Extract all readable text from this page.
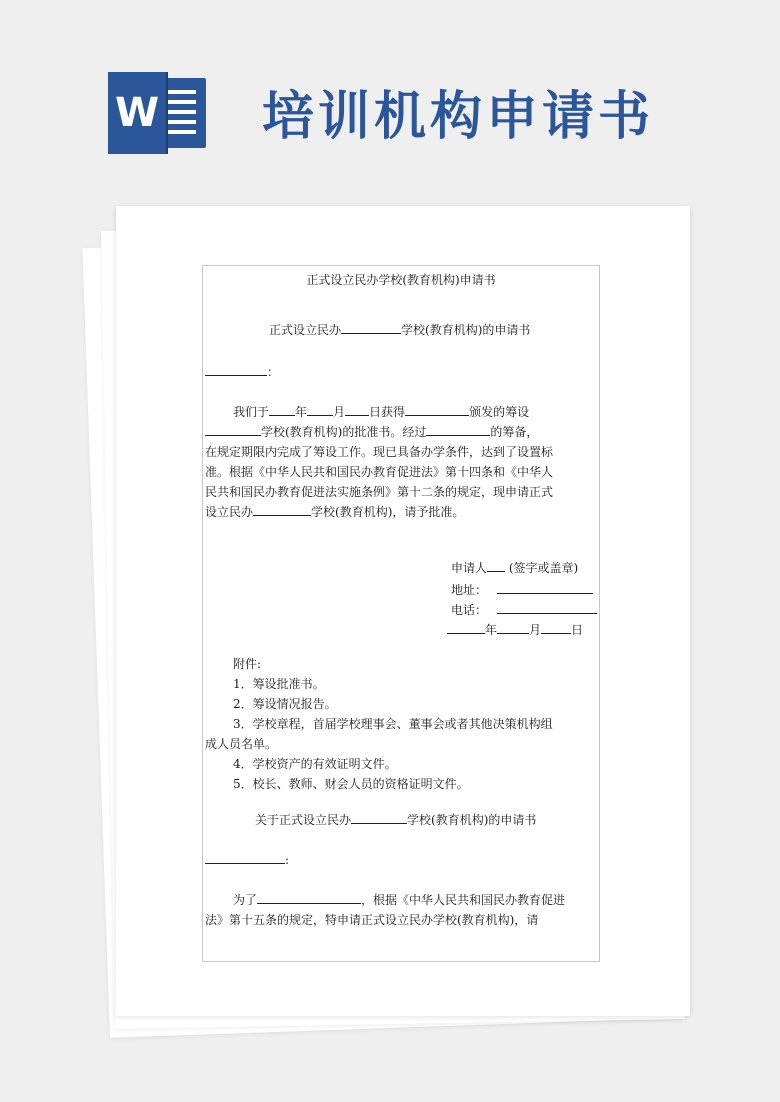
W 培训机构申请书
正式设立民办学校(教育机构)申请书
正式设立民办	学校(教育机构)的申请书
：
我们于 年 月 日获得	颁发的筹设
学校(教育机构)的批准书。经过	的筹备，
在规定期限内完成了筹设工作。现已具备办学条件，达到了设置标
准。根据《中华人民共和国民办教育促进法》第十四条和《中华人
民共和国民办教育促进法实施条例》第十二条的规定，现申请正式
设立民办	学校(教育机构)，请予批准。
申请人 (签字或盖章)
地址：
电话：
年	月	日
附件:
1．筹设批准书。
2．筹设情况报告。
3．学校章程，首届学校理事会、董事会或者其他决策机构组
成人员名单。
4．学校资产的有效证明文件。
5．校长、教师、财会人员的资格证明文件。
关于正式设立民办	学校(教育机构)的申请书
:
为了	，根据《中华人民共和国民办教育促进
法》第十五条的规定，特申请正式设立民办学校(教育机构)，请
